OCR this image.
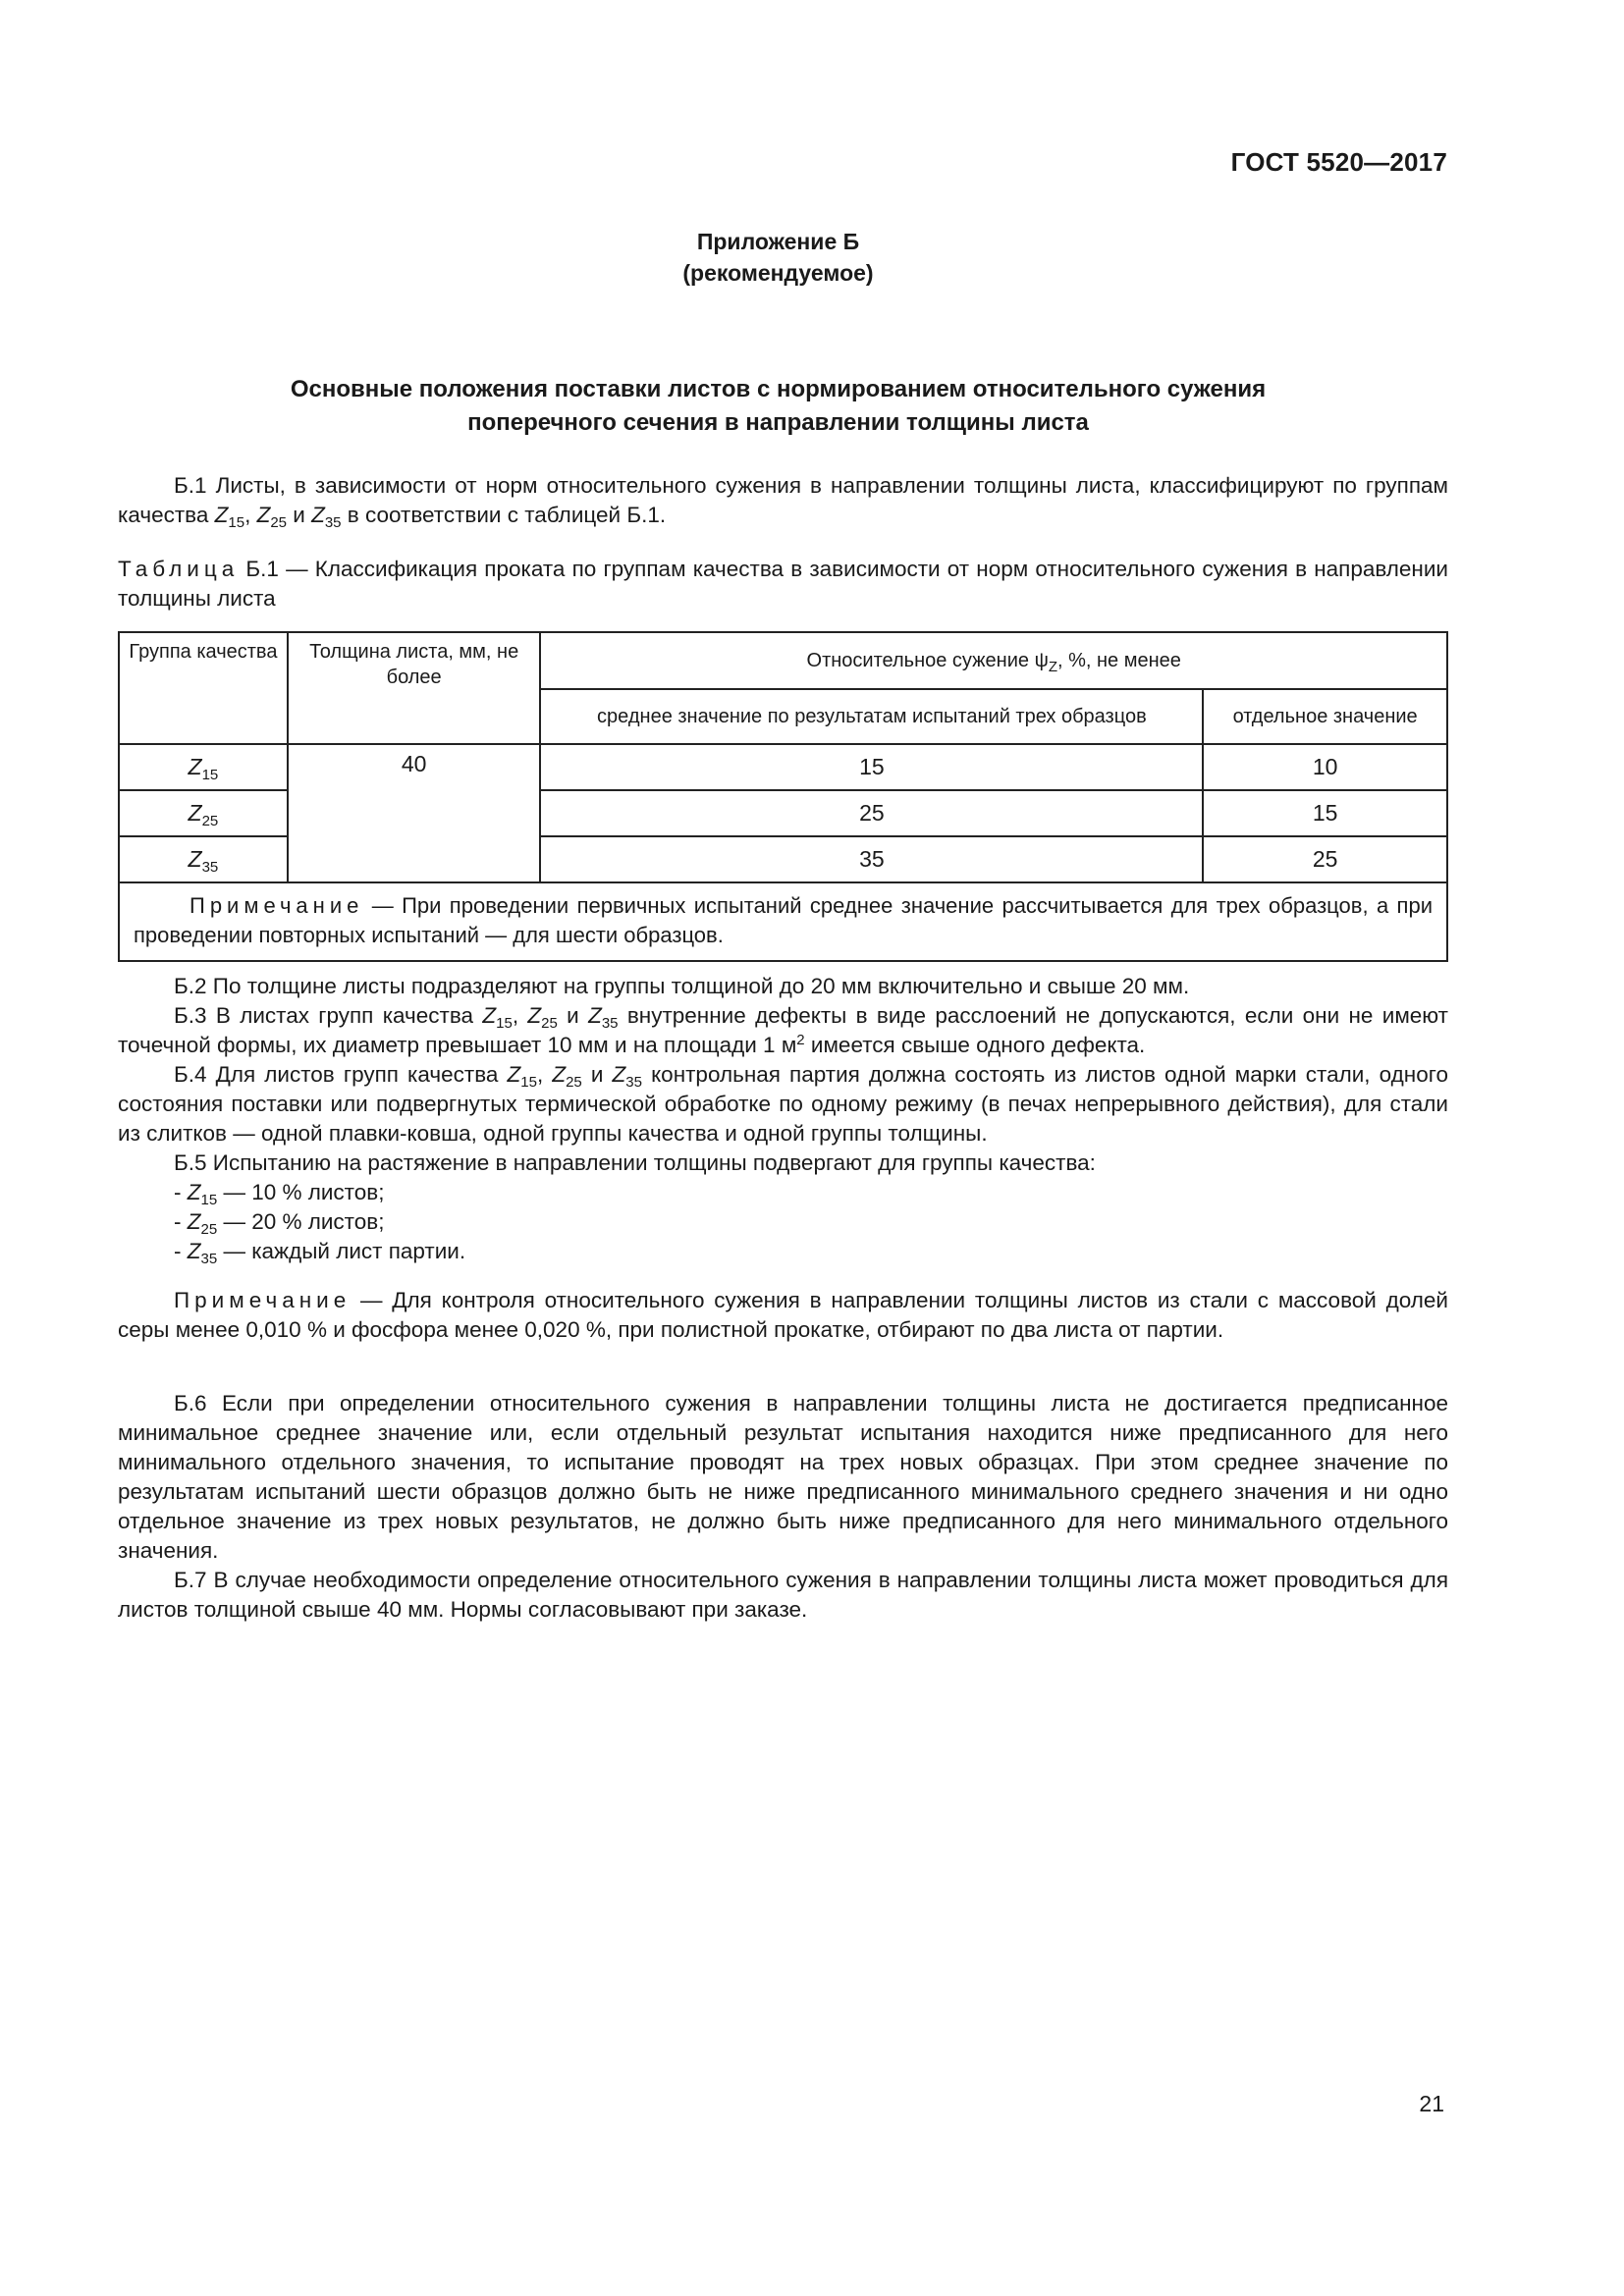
ГОСТ 5520—2017
Приложение Б
(рекомендуемое)
Основные положения поставки листов с нормированием относительного сужения
поперечного сечения в направлении толщины листа
Б.1 Листы, в зависимости от норм относительного сужения в направлении толщины листа, классифицируют по группам качества $Z_{15}$, $Z_{25}$ и $Z_{35}$ в соответствии с таблицей Б.1.
Таблица Б.1 — Классификация проката по группам качества в зависимости от норм относительного сужения в направлении толщины листа
Группа качества	Толщина листа, мм, не более	Относительное сужение $\psi_Z$, %, не менее	
		среднее значение по результатам испытаний трех образцов	отдельное значение
$Z_{15}$	40	15	10
$Z_{25}$		25	15
$Z_{35}$		35	25
Примечание — При проведении первичных испытаний среднее значение рассчитывается для трех образцов, а при проведении повторных испытаний — для шести образцов.			
Б.2 По толщине листы подразделяют на группы толщиной до 20 мм включительно и свыше 20 мм.
Б.3 В листах групп качества $Z_{15}$, $Z_{25}$ и $Z_{35}$ внутренние дефекты в виде расслоений не допускаются, если они не имеют точечной формы, их диаметр превышает 10 мм и на площади 1 $м^2$ имеется свыше одного дефекта.
Б.4 Для листов групп качества $Z_{15}$, $Z_{25}$ и $Z_{35}$ контрольная партия должна состоять из листов одной марки стали, одного состояния поставки или подвергнутых термической обработке по одному режиму (в печах непрерывного действия), для стали из слитков — одной плавки-ковша, одной группы качества и одной группы толщины.
Б.5 Испытанию на растяжение в направлении толщины подвергают для группы качества:
- $Z_{15}$ — 10 % листов;
- $Z_{25}$ — 20 % листов;
- $Z_{35}$ — каждый лист партии.
Примечание — Для контроля относительного сужения в направлении толщины листов из стали с массовой долей серы менее 0,010 % и фосфора менее 0,020 %, при полистной прокатке, отбирают по два листа от партии.
Б.6 Если при определении относительного сужения в направлении толщины листа не достигается предписанное минимальное среднее значение или, если отдельный результат испытания находится ниже предписанного для него минимального отдельного значения, то испытание проводят на трех новых образцах. При этом среднее значение по результатам испытаний шести образцов должно быть не ниже предписанного минимального среднего значения и ни одно отдельное значение из трех новых результатов, не должно быть ниже предписанного для него минимального отдельного значения.
Б.7 В случае необходимости определение относительного сужения в направлении толщины листа может проводиться для листов толщиной свыше 40 мм. Нормы согласовывают при заказе.
21
